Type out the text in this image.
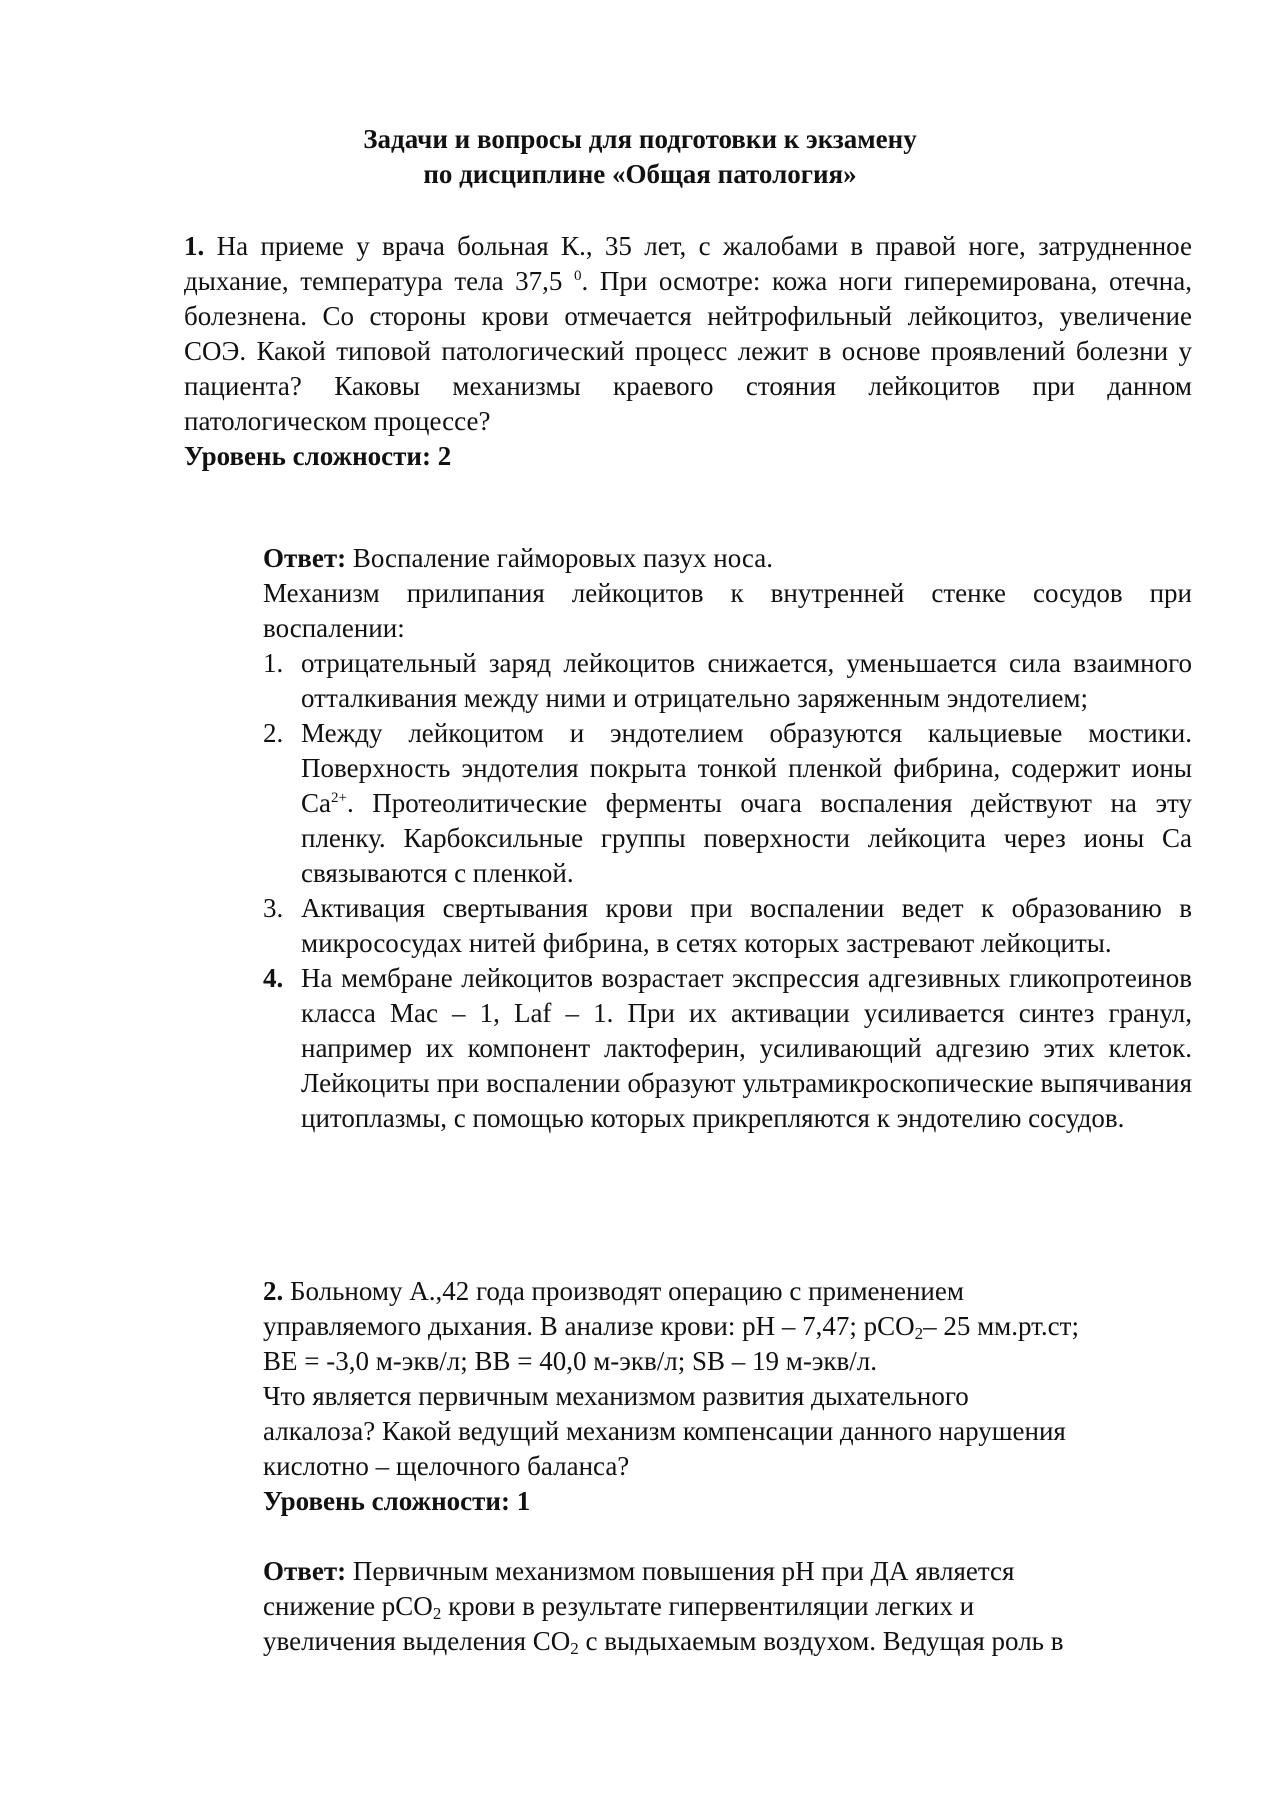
Задачи и вопросы для подготовки к экзамену
по дисциплине «Общая патология»
1. На приеме у врача больная К., 35 лет, с жалобами в правой ноге, затрудненное дыхание, температура тела 37,5 $^0$. При осмотре: кожа ноги гиперемирована, отечна, болезнена. Со стороны крови отмечается нейтрофильный лейкоцитоз, увеличение СОЭ. Какой типовой патологический процесс лежит в основе проявлений болезни у пациента? Каковы механизмы краевого стояния лейкоцитов при данном патологическом процессе?
Уровень сложности: 2
Ответ: Воспаление гайморовых пазух носа.
Механизм прилипания лейкоцитов к внутренней стенке сосудов при воспалении:
1. отрицательный заряд лейкоцитов снижается, уменьшается сила взаимного отталкивания между ними и отрицательно заряженным эндотелием;
2. Между лейкоцитом и эндотелием образуются кальциевые мостики. Поверхность эндотелия покрыта тонкой пленкой фибрина, содержит ионы $Са^{2+}$. Протеолитические ферменты очага воспаления действуют на эту пленку. Карбоксильные группы поверхности лейкоцита через ионы Са связываются с пленкой.
3. Активация свертывания крови при воспалении ведет к образованию в микрососудах нитей фибрина, в сетях которых застревают лейкоциты.
4. На мембране лейкоцитов возрастает экспрессия адгезивных гликопротеинов класса Мас – 1, Laf – 1. При их активации усиливается синтез гранул, например их компонент лактоферин, усиливающий адгезию этих клеток. Лейкоциты при воспалении образуют ультрамикроскопические выпячивания цитоплазмы, с помощью которых прикрепляются к эндотелию сосудов.
2. Больному А.,42 года производят операцию с применением
управляемого дыхания. В анализе крови: рН – 7,47; рСО$_2$– 25 мм.рт.ст;
ВЕ = -3,0 м-экв/л; ВВ = 40,0 м-экв/л; SB – 19 м-экв/л.
Что является первичным механизмом развития дыхательного
алкалоза? Какой ведущий механизм компенсации данного нарушения
кислотно – щелочного баланса?
Уровень сложности: 1
Ответ: Первичным механизмом повышения рН при ДА является
снижение рСО$_2$ крови в результате гипервентиляции легких и
увеличения выделения $СО_2$ с выдыхаемым воздухом. Ведущая роль в
